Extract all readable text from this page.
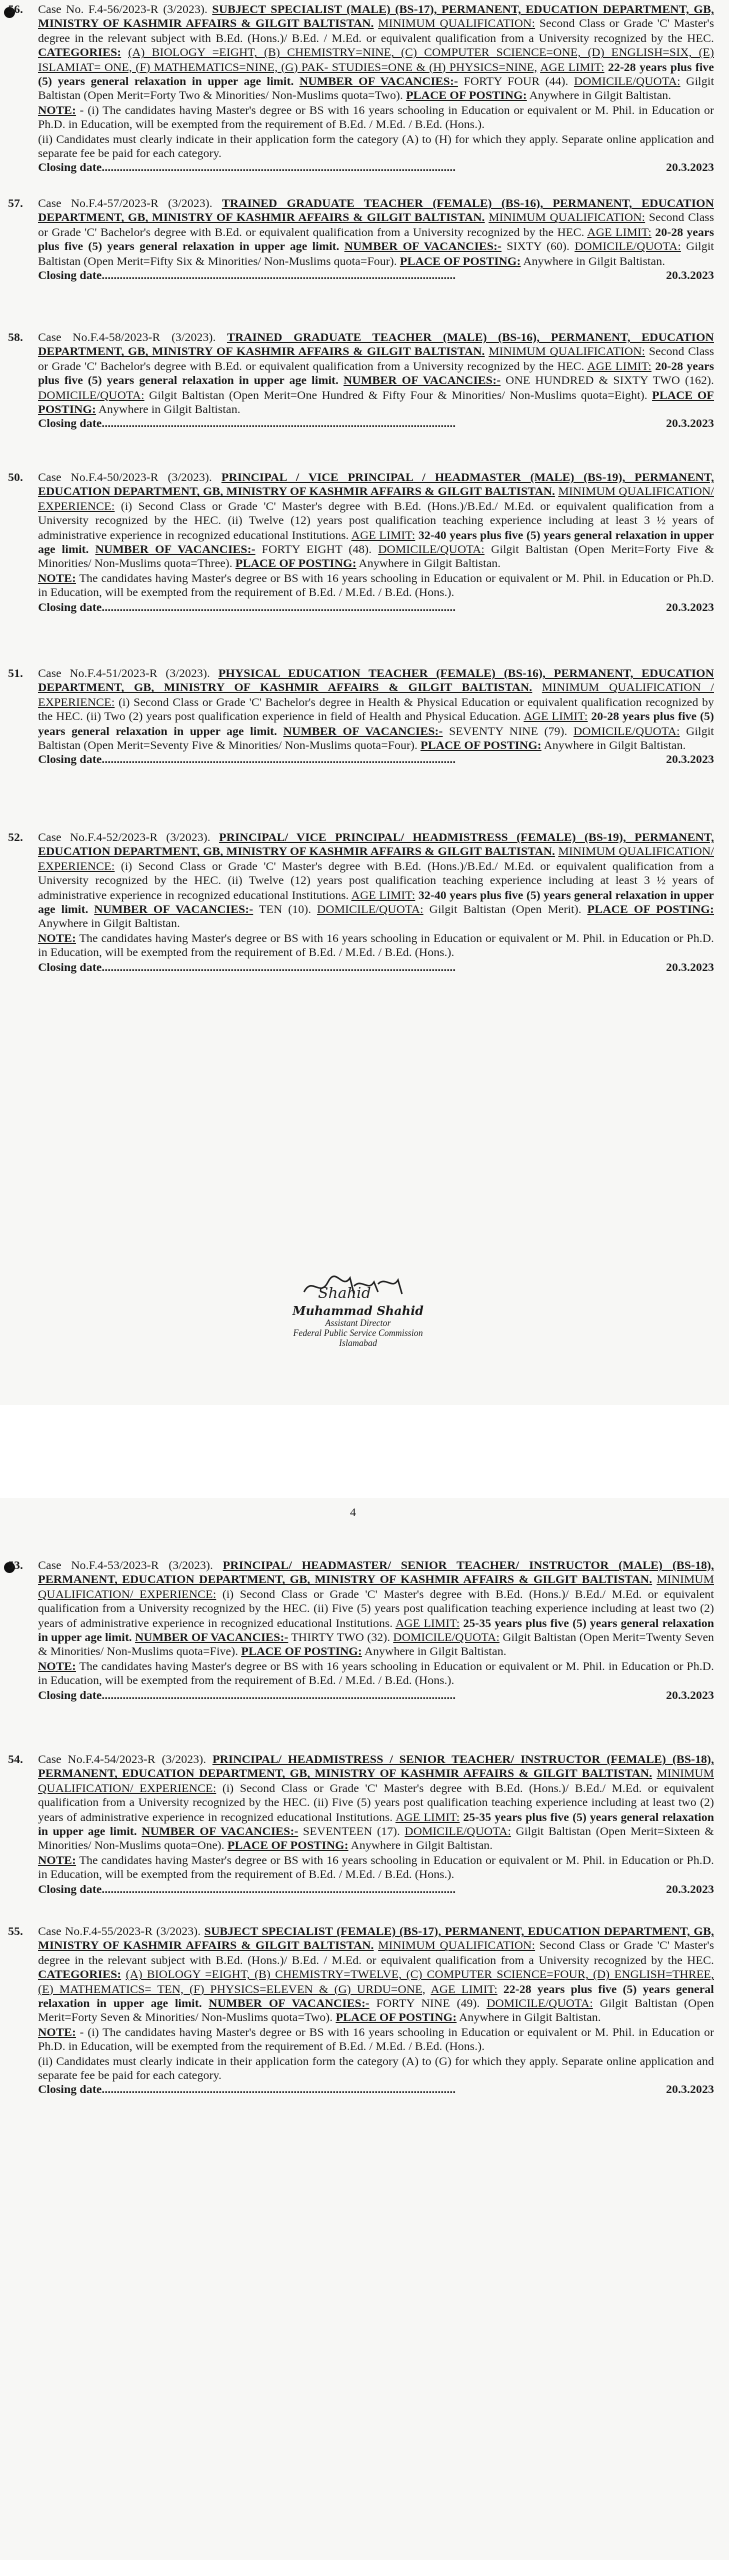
56. Case No. F.4-56/2023-R (3/2023). SUBJECT SPECIALIST (MALE) (BS-17), PERMANENT, EDUCATION DEPARTMENT, GB, MINISTRY OF KASHMIR AFFAIRS & GILGIT BALTISTAN. MINIMUM QUALIFICATION: Second Class or Grade 'C' Master's degree in the relevant subject with B.Ed. (Hons.)/ B.Ed. / M.Ed. or equivalent qualification from a University recognized by the HEC. CATEGORIES: (A) BIOLOGY =EIGHT, (B) CHEMISTRY=NINE, (C) COMPUTER SCIENCE=ONE, (D) ENGLISH=SIX, (E) ISLAMIAT= ONE, (F) MATHEMATICS=NINE, (G) PAK- STUDIES=ONE & (H) PHYSICS=NINE, AGE LIMIT: 22-28 years plus five (5) years general relaxation in upper age limit. NUMBER OF VACANCIES:- FORTY FOUR (44). DOMICILE/QUOTA: Gilgit Baltistan (Open Merit=Forty Two & Minorities/ Non-Muslims quota=Two). PLACE OF POSTING: Anywhere in Gilgit Baltistan.

NOTE: - (i) The candidates having Master's degree or BS with 16 years schooling in Education or equivalent or M. Phil. in Education or Ph.D. in Education, will be exempted from the requirement of B.Ed. / M.Ed. / B.Ed. (Hons.).

(ii) Candidates must clearly indicate in their application form the category (A) to (H) for which they apply. Separate online application and separate fee be paid for each category.

Closing date......................................................................................................................	20.3.2023
57. Case No.F.4-57/2023-R (3/2023). TRAINED GRADUATE TEACHER (FEMALE) (BS-16), PERMANENT, EDUCATION DEPARTMENT, GB, MINISTRY OF KASHMIR AFFAIRS & GILGIT BALTISTAN. MINIMUM QUALIFICATION: Second Class or Grade 'C' Bachelor's degree with B.Ed. or equivalent qualification from a University recognized by the HEC. AGE LIMIT: 20-28 years plus five (5) years general relaxation in upper age limit. NUMBER OF VACANCIES:- SIXTY (60). DOMICILE/QUOTA: Gilgit Baltistan (Open Merit=Fifty Six & Minorities/ Non-Muslims quota=Four). PLACE OF POSTING: Anywhere in Gilgit Baltistan.

Closing date......................................................................................................................	20.3.2023
58. Case No.F.4-58/2023-R (3/2023). TRAINED GRADUATE TEACHER (MALE) (BS-16), PERMANENT, EDUCATION DEPARTMENT, GB, MINISTRY OF KASHMIR AFFAIRS & GILGIT BALTISTAN. MINIMUM QUALIFICATION: Second Class or Grade 'C' Bachelor's degree with B.Ed. or equivalent qualification from a University recognized by the HEC. AGE LIMIT: 20-28 years plus five (5) years general relaxation in upper age limit. NUMBER OF VACANCIES:- ONE HUNDRED & SIXTY TWO (162). DOMICILE/QUOTA: Gilgit Baltistan (Open Merit=One Hundred & Fifty Four & Minorities/ Non-Muslims quota=Eight). PLACE OF POSTING: Anywhere in Gilgit Baltistan.

Closing date......................................................................................................................	20.3.2023
50. Case No.F.4-50/2023-R (3/2023). PRINCIPAL / VICE PRINCIPAL / HEADMASTER (MALE) (BS-19), PERMANENT, EDUCATION DEPARTMENT, GB, MINISTRY OF KASHMIR AFFAIRS & GILGIT BALTISTAN. MINIMUM QUALIFICATION/ EXPERIENCE: (i) Second Class or Grade 'C' Master's degree with B.Ed. (Hons.)/B.Ed./ M.Ed. or equivalent qualification from a University recognized by the HEC. (ii) Twelve (12) years post qualification teaching experience including at least 3 ½ years of administrative experience in recognized educational Institutions. AGE LIMIT: 32-40 years plus five (5) years general relaxation in upper age limit. NUMBER OF VACANCIES:- FORTY EIGHT (48). DOMICILE/QUOTA: Gilgit Baltistan (Open Merit=Forty Five & Minorities/ Non-Muslims quota=Three). PLACE OF POSTING: Anywhere in Gilgit Baltistan.

NOTE: The candidates having Master's degree or BS with 16 years schooling in Education or equivalent or M. Phil. in Education or Ph.D. in Education, will be exempted from the requirement of B.Ed. / M.Ed. / B.Ed. (Hons.).

Closing date......................................................................................................................	20.3.2023
51. Case No.F.4-51/2023-R (3/2023). PHYSICAL EDUCATION TEACHER (FEMALE) (BS-16), PERMANENT, EDUCATION DEPARTMENT, GB, MINISTRY OF KASHMIR AFFAIRS & GILGIT BALTISTAN. MINIMUM QUALIFICATION / EXPERIENCE: (i) Second Class or Grade 'C' Bachelor's degree in Health & Physical Education or equivalent qualification recognized by the HEC. (ii) Two (2) years post qualification experience in field of Health and Physical Education. AGE LIMIT: 20-28 years plus five (5) years general relaxation in upper age limit. NUMBER OF VACANCIES:- SEVENTY NINE (79). DOMICILE/QUOTA: Gilgit Baltistan (Open Merit=Seventy Five & Minorities/ Non-Muslims quota=Four). PLACE OF POSTING: Anywhere in Gilgit Baltistan.

Closing date......................................................................................................................	20.3.2023
52. Case No.F.4-52/2023-R (3/2023). PRINCIPAL/ VICE PRINCIPAL/ HEADMISTRESS (FEMALE) (BS-19), PERMANENT, EDUCATION DEPARTMENT, GB, MINISTRY OF KASHMIR AFFAIRS & GILGIT BALTISTAN. MINIMUM QUALIFICATION/ EXPERIENCE: (i) Second Class or Grade 'C' Master's degree with B.Ed. (Hons.)/B.Ed./ M.Ed. or equivalent qualification from a University recognized by the HEC. (ii) Twelve (12) years post qualification teaching experience including at least 3 ½ years of administrative experience in recognized educational Institutions. AGE LIMIT: 32-40 years plus five (5) years general relaxation in upper age limit. NUMBER OF VACANCIES:- TEN (10). DOMICILE/QUOTA: Gilgit Baltistan (Open Merit). PLACE OF POSTING: Anywhere in Gilgit Baltistan.

NOTE: The candidates having Master's degree or BS with 16 years schooling in Education or equivalent or M. Phil. in Education or Ph.D. in Education, will be exempted from the requirement of B.Ed. / M.Ed. / B.Ed. (Hons.).

Closing date......................................................................................................................	20.3.2023
53. Case No.F.4-53/2023-R (3/2023). PRINCIPAL/ HEADMASTER/ SENIOR TEACHER/ INSTRUCTOR (MALE) (BS-18), PERMANENT, EDUCATION DEPARTMENT, GB, MINISTRY OF KASHMIR AFFAIRS & GILGIT BALTISTAN. MINIMUM QUALIFICATION/ EXPERIENCE: (i) Second Class or Grade 'C' Master's degree with B.Ed. (Hons.)/ B.Ed./ M.Ed. or equivalent qualification from a University recognized by the HEC. (ii) Five (5) years post qualification teaching experience including at least two (2) years of administrative experience in recognized educational Institutions. AGE LIMIT: 25-35 years plus five (5) years general relaxation in upper age limit. NUMBER OF VACANCIES:- THIRTY TWO (32). DOMICILE/QUOTA: Gilgit Baltistan (Open Merit=Twenty Seven & Minorities/ Non-Muslims quota=Five). PLACE OF POSTING: Anywhere in Gilgit Baltistan.

NOTE: The candidates having Master's degree or BS with 16 years schooling in Education or equivalent or M. Phil. in Education or Ph.D. in Education, will be exempted from the requirement of B.Ed. / M.Ed. / B.Ed. (Hons.).

Closing date......................................................................................................................	20.3.2023
54. Case No.F.4-54/2023-R (3/2023). PRINCIPAL/ HEADMISTRESS / SENIOR TEACHER/ INSTRUCTOR (FEMALE) (BS-18), PERMANENT, EDUCATION DEPARTMENT, GB, MINISTRY OF KASHMIR AFFAIRS & GILGIT BALTISTAN. MINIMUM QUALIFICATION/ EXPERIENCE: (i) Second Class or Grade 'C' Master's degree with B.Ed. (Hons.)/ B.Ed./ M.Ed. or equivalent qualification from a University recognized by the HEC. (ii) Five (5) years post qualification teaching experience including at least two (2) years of administrative experience in recognized educational Institutions. AGE LIMIT: 25-35 years plus five (5) years general relaxation in upper age limit. NUMBER OF VACANCIES:- SEVENTEEN (17). DOMICILE/QUOTA: Gilgit Baltistan (Open Merit=Sixteen & Minorities/ Non-Muslims quota=One). PLACE OF POSTING: Anywhere in Gilgit Baltistan.

NOTE: The candidates having Master's degree or BS with 16 years schooling in Education or equivalent or M. Phil. in Education or Ph.D. in Education, will be exempted from the requirement of B.Ed. / M.Ed. / B.Ed. (Hons.).

Closing date......................................................................................................................	20.3.2023
55. Case No.F.4-55/2023-R (3/2023). SUBJECT SPECIALIST (FEMALE) (BS-17), PERMANENT, EDUCATION DEPARTMENT, GB, MINISTRY OF KASHMIR AFFAIRS & GILGIT BALTISTAN. MINIMUM QUALIFICATION: Second Class or Grade 'C' Master's degree in the relevant subject with B.Ed. (Hons.)/ B.Ed. / M.Ed. or equivalent qualification from a University recognized by the HEC. CATEGORIES: (A) BIOLOGY =EIGHT, (B) CHEMISTRY=TWELVE, (C) COMPUTER SCIENCE=FOUR, (D) ENGLISH=THREE, (E) MATHEMATICS= TEN, (F) PHYSICS=ELEVEN & (G) URDU=ONE, AGE LIMIT: 22-28 years plus five (5) years general relaxation in upper age limit. NUMBER OF VACANCIES:- FORTY NINE (49). DOMICILE/QUOTA: Gilgit Baltistan (Open Merit=Forty Seven & Minorities/ Non-Muslims quota=Two). PLACE OF POSTING: Anywhere in Gilgit Baltistan.

NOTE: - (i) The candidates having Master's degree or BS with 16 years schooling in Education or equivalent or M. Phil. in Education or Ph.D. in Education, will be exempted from the requirement of B.Ed. / M.Ed. / B.Ed. (Hons.).

(ii) Candidates must clearly indicate in their application form the category (A) to (G) for which they apply. Separate online application and separate fee be paid for each category.

Closing date......................................................................................................................	20.3.2023
Shahid
Muhammad Shahid
Assistant Director
Federal Public Service Commission
Islamabad
4
